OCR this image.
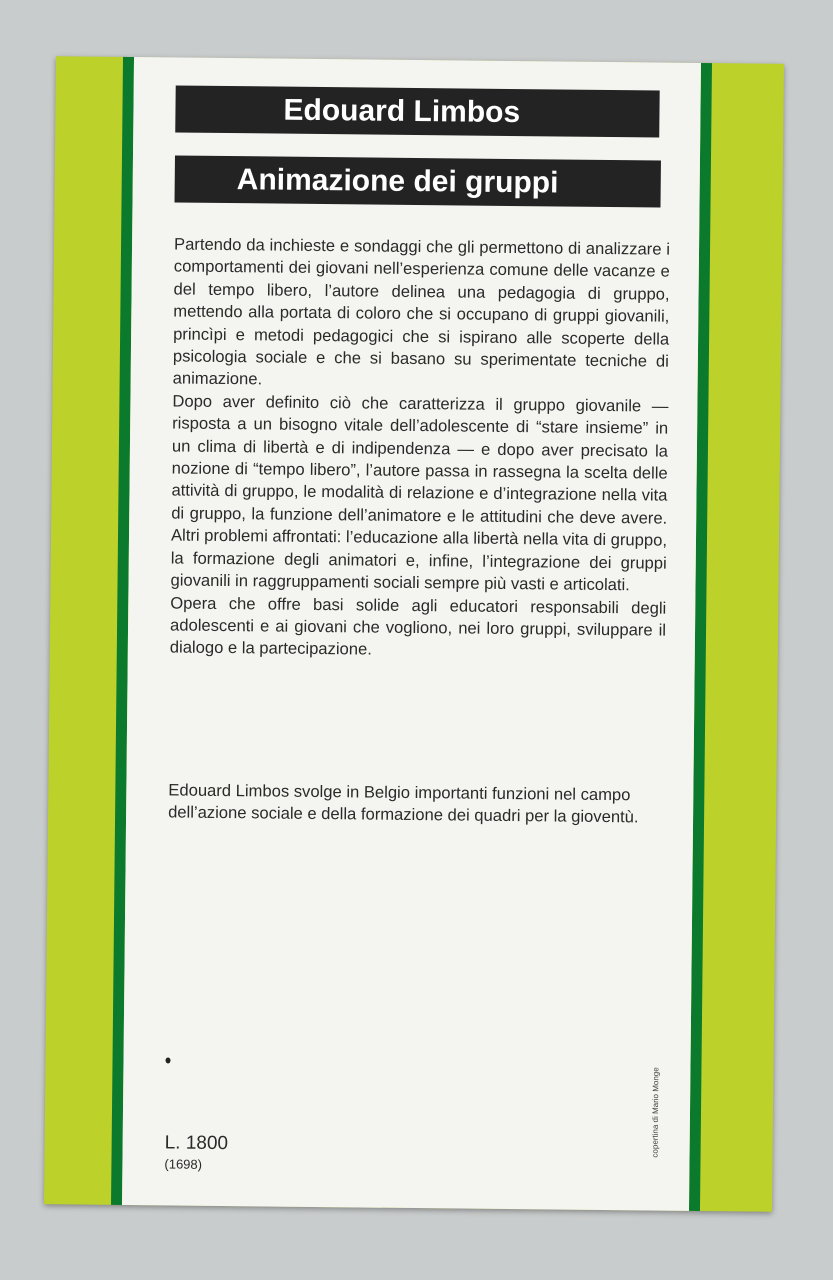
Edouard Limbos
Animazione dei gruppi

Partendo da inchieste e sondaggi che gli permettono di analizzare i comportamenti dei giovani nell’esperienza comune delle vacanze e del tempo libero, l’autore delinea una pedagogia di gruppo, mettendo alla portata di coloro che si occupano di gruppi giovanili, princìpi e metodi pedagogici che si ispirano alle scoperte della psicologia sociale e che si basano su sperimentate tecniche di animazione.

Dopo aver definito ciò che caratterizza il gruppo giovanile — risposta a un bisogno vitale dell’adolescente di “stare insieme” in un clima di libertà e di indipendenza — e dopo aver precisato la nozione di “tempo libero”, l’autore passa in rassegna la scelta delle attività di gruppo, le modalità di relazione e d’integrazione nella vita di gruppo, la funzione dell’animatore e le attitudini che deve avere. Altri problemi affrontati: l’educazione alla libertà nella vita di gruppo, la formazione degli animatori e, infine, l’integrazione dei gruppi giovanili in raggruppamenti sociali sempre più vasti e articolati.

Opera che offre basi solide agli educatori responsabili degli adolescenti e ai giovani che vogliono, nei loro gruppi, sviluppare il dialogo e la partecipazione.

Edouard Limbos svolge in Belgio importanti funzioni nel campo dell’azione sociale e della formazione dei quadri per la gioventù.
L. 1800
(1698)
copertina di Mario Monge
